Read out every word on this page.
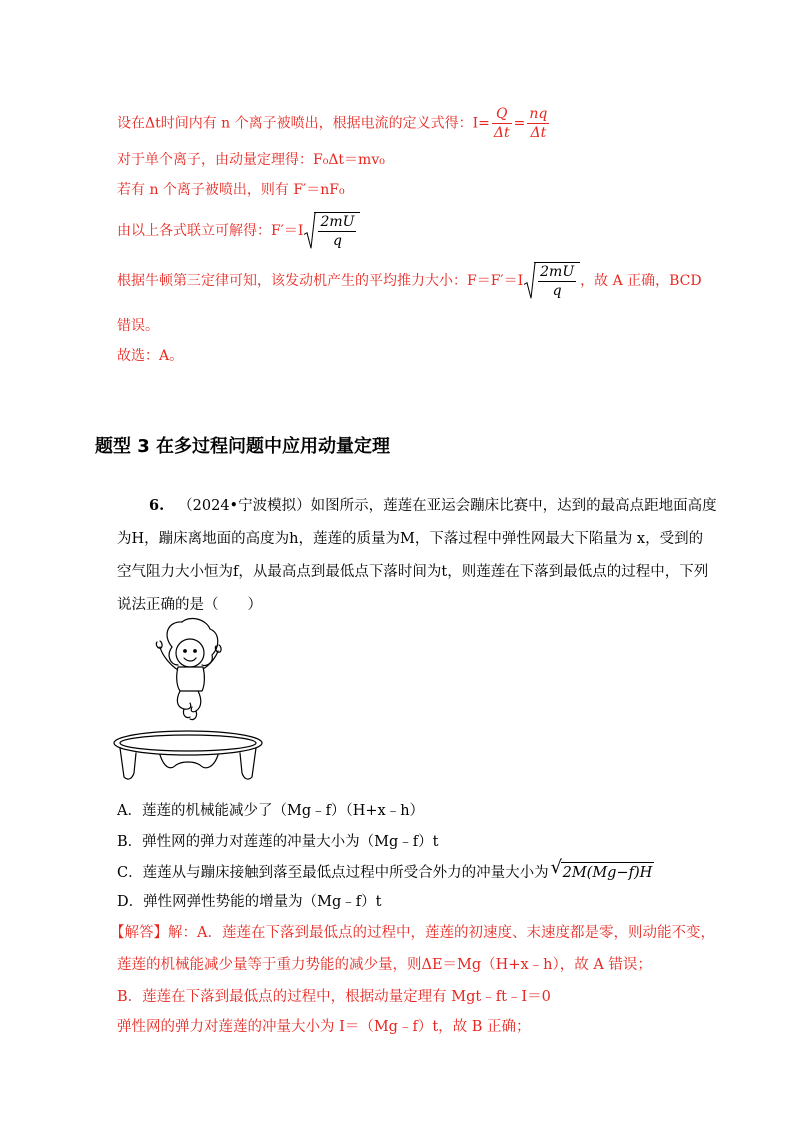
设在Δt时间内有 n 个离子被喷出，根据电流的定义式得：$I= \frac{Q}{\Delta t} = \frac{nq}{\Delta t}$
对于单个离子，由动量定理得：F₀Δt＝mv₀
若有 n 个离子被喷出，则有 F′＝nF₀
由以上各式联立可解得：$F'=I \frac{2mU}{q}$
根据牛顿第三定律可知，该发动机产生的平均推力大小：$F=F'=I \frac{2mU}{q}$ ，故 A 正确，BCD
错误。
故选：A。
题型 3 在多过程问题中应用动量定理
6. （2024•宁波模拟）如图所示，莲莲在亚运会蹦床比赛中，达到的最高点距地面高度
为H，蹦床离地面的高度为h，莲莲的质量为M，下落过程中弹性网最大下陷量为 x，受到的
空气阻力大小恒为f，从最高点到最低点下落时间为t，则莲莲在下落到最低点的过程中，下列
说法正确的是（　　）
A．莲莲的机械能减少了（Mg﹣f）（H+x﹣h）
B．弹性网的弹力对莲莲的冲量大小为（Mg﹣f）t
C．莲莲从与蹦床接触到落至最低点过程中所受合外力的冲量大小为√ 2M(Mg−f)H
D．弹性网弹性势能的增量为（Mg﹣f）t
【解答】解：A．莲莲在下落到最低点的过程中，莲莲的初速度、末速度都是零，则动能不变，
莲莲的机械能减少量等于重力势能的减少量，则ΔE＝Mg（H+x﹣h），故 A 错误；
B．莲莲在下落到最低点的过程中，根据动量定理有 Mgt﹣ft﹣I＝0
弹性网的弹力对莲莲的冲量大小为 I＝（Mg﹣f）t，故 B 正确；
